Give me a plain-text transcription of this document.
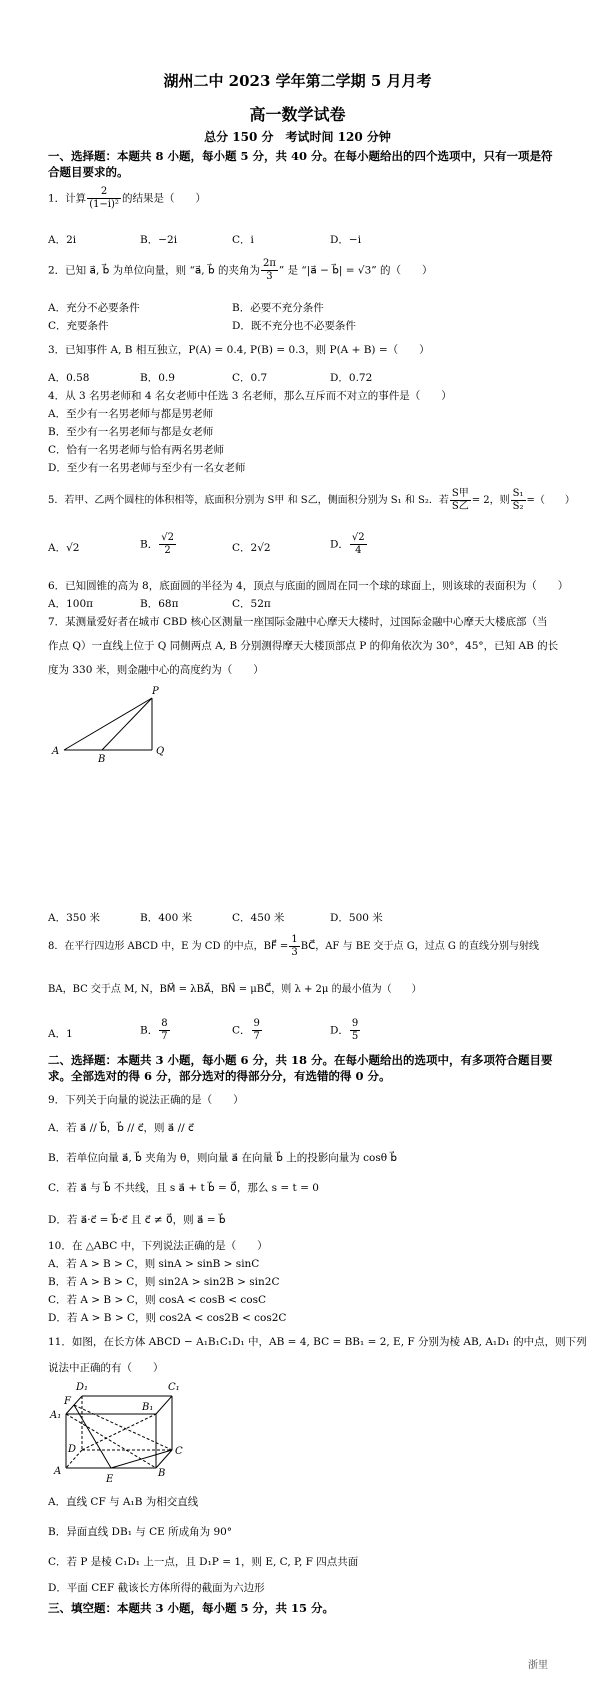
湖州二中 2023 学年第二学期 5 月月考
高一数学试卷
总分 150 分　考试时间 120 分钟
一、选择题：本题共 8 小题，每小题 5 分，共 40 分。在每小题给出的四个选项中，只有一项是符合题目要求的。
1．计算 $\frac{2}{\text{(1−i)²}}$ 的结果是（　　）
A．2i	B．−2i	C．i	D．−i
2．已知 a⃗, b⃗ 为单位向量，则 “a⃗, b⃗ 的夹角为 $\frac{2\pi}{3}$ ” 是 “|a⃗ − b⃗| = √3” 的（　　）
A．充分不必要条件	B．必要不充分条件
C．充要条件	D．既不充分也不必要条件
3．已知事件 A, B 相互独立，P(A) = 0.4, P(B) = 0.3，则 P(A + B) =（　　）
A．0.58	B．0.9	C．0.7	D．0.72
4．从 3 名男老师和 4 名女老师中任选 3 名老师，那么互斥而不对立的事件是（　　）
A．至少有一名男老师与都是男老师
B．至少有一名男老师与都是女老师
C．恰有一名男老师与恰有两名男老师
D．至少有一名男老师与至少有一名女老师
5．若甲、乙两个圆柱的体积相等，底面积分别为 S甲 和 S乙，侧面积分别为 S₁ 和 S₂．若 $\frac{\text{S甲}}{\text{S乙}} = 2$，则 $\frac{\text{S₁}}{\text{S₂}}$ =（　　）
A．√2	B． $\frac{√2}{2}$	C．2√2	D． $\frac{√2}{4}$
6．已知圆锥的高为 8，底面圆的半径为 4，顶点与底面的圆周在同一个球的球面上，则该球的表面积为（　　）
A．100π	B．68π	C．52π
7．某测量爱好者在城市 CBD 核心区测量一座国际金融中心摩天大楼时，过国际金融中心摩天大楼底部（当
作点 Q）一直线上位于 Q 同侧两点 A, B 分别测得摩天大楼顶部点 P 的仰角依次为 30°，45°，已知 AB 的长
度为 330 米，则金融中心的高度约为（　　）
P
A
B
Q
A．350 米	B．400 米	C．450 米	D．500 米
8．在平行四边形 ABCD 中，E 为 CD 的中点，BF⃗ = $\frac{1}{3}$ BC⃗，AF 与 BE 交于点 G，过点 G 的直线分别与射线
BA，BC 交于点 M, N，BM⃗ = λBA⃗，BN⃗ = μBC⃗，则 λ + 2μ 的最小值为（　　）
A．1	B． $\frac{8}{7}$	C． $\frac{9}{7}$	D． $\frac{9}{5}$
二、选择题：本题共 3 小题，每小题 6 分，共 18 分。在每小题给出的选项中，有多项符合题目要求。全部选对的得 6 分，部分选对的得部分分，有选错的得 0 分。
9．下列关于向量的说法正确的是（　　）
A．若 a⃗ // b⃗，b⃗ // c⃗，则 a⃗ // c⃗
B．若单位向量 a⃗, b⃗ 夹角为 θ，则向量 a⃗ 在向量 b⃗ 上的投影向量为 cosθ b⃗
C．若 a⃗ 与 b⃗ 不共线，且 s a⃗ + t b⃗ = 0⃗，那么 s = t = 0
D．若 a⃗·c⃗ = b⃗·c⃗ 且 c⃗ ≠ 0⃗，则 a⃗ = b⃗
10．在 △ABC 中，下列说法正确的是（　　）
A．若 A > B > C，则 sinA > sinB > sinC
B．若 A > B > C，则 sin2A > sin2B > sin2C
C．若 A > B > C，则 cosA < cosB < cosC
D．若 A > B > C，则 cos2A < cos2B < cos2C
11．如图，在长方体 ABCD − A₁B₁C₁D₁ 中，AB = 4, BC = BB₁ = 2, E, F 分别为棱 AB, A₁D₁ 的中点，则下列
说法中正确的有（　　）
D₁	C₁
F
B₁
A₁
D	C
A
E
B
A．直线 CF 与 A₁B 为相交直线
B．异面直线 DB₁ 与 CE 所成角为 90°
C．若 P 是棱 C₁D₁ 上一点，且 D₁P = 1，则 E, C, P, F 四点共面
D．平面 CEF 截该长方体所得的截面为六边形
三、填空题：本题共 3 小题，每小题 5 分，共 15 分。
浙里
